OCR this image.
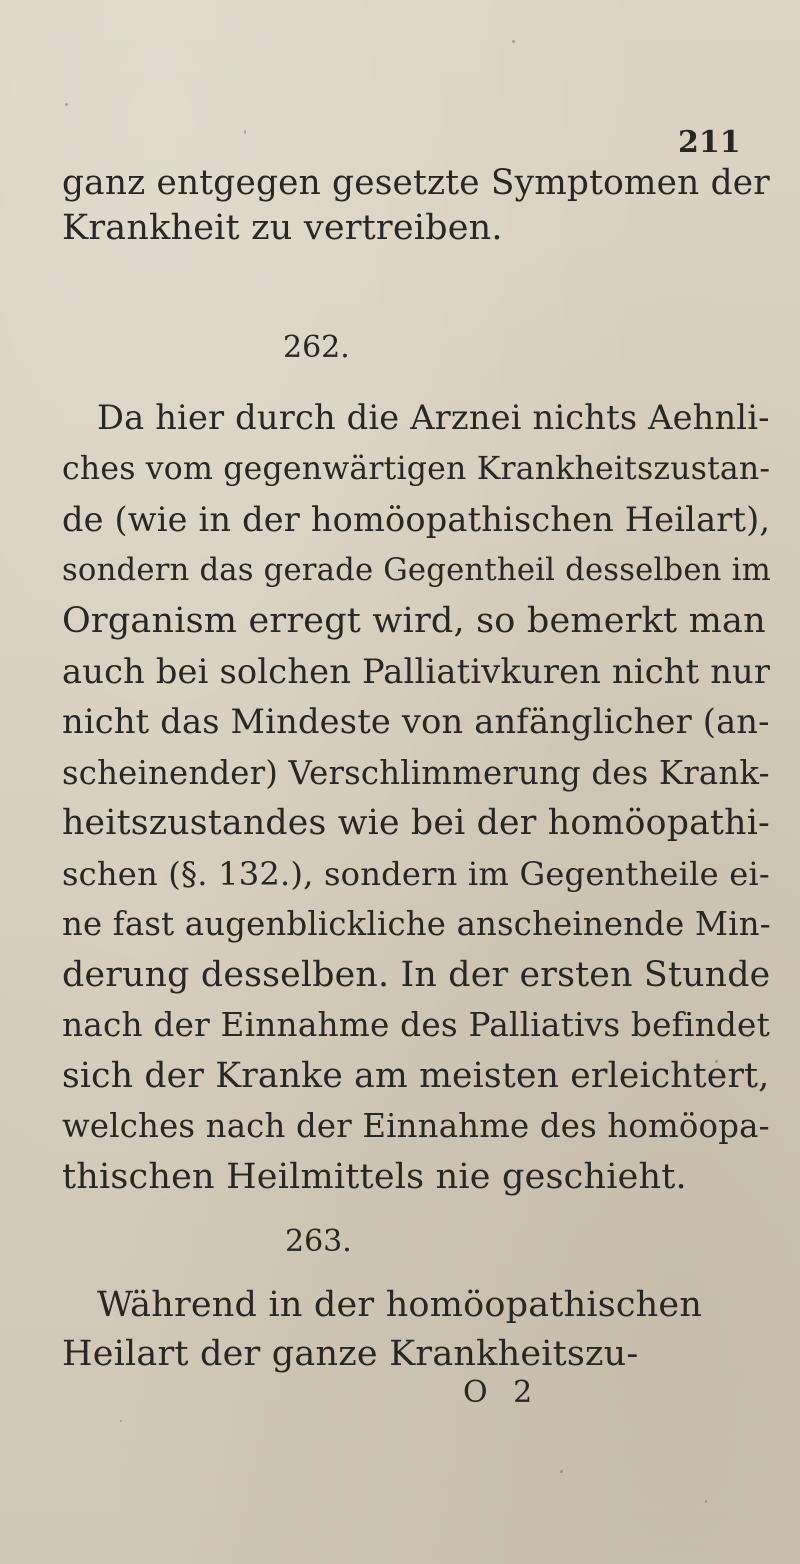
211
ganz entgegen gesetzte Symptomen der
Krankheit zu vertreiben.
262.
Da hier durch die Arznei nichts Aehnli-
ches vom gegenwärtigen Krankheitszustan-
de (wie in der homöopathischen Heilart),
sondern das gerade Gegentheil desselben im
Organism erregt wird, so bemerkt man
auch bei solchen Palliativkuren nicht nur
nicht das Mindeste von anfänglicher (an-
scheinender) Verschlimmerung des Krank-
heitszustandes wie bei der homöopathi-
schen (§. 132.), sondern im Gegentheile ei-
ne fast augenblickliche anscheinende Min-
derung desselben. In der ersten Stunde
nach der Einnahme des Palliativs befindet
sich der Kranke am meisten erleichtert,
welches nach der Einnahme des homöopa-
thischen Heilmittels nie geschieht.
263.
Während in der homöopathischen
Heilart der ganze Krankheitszu-
O 2
